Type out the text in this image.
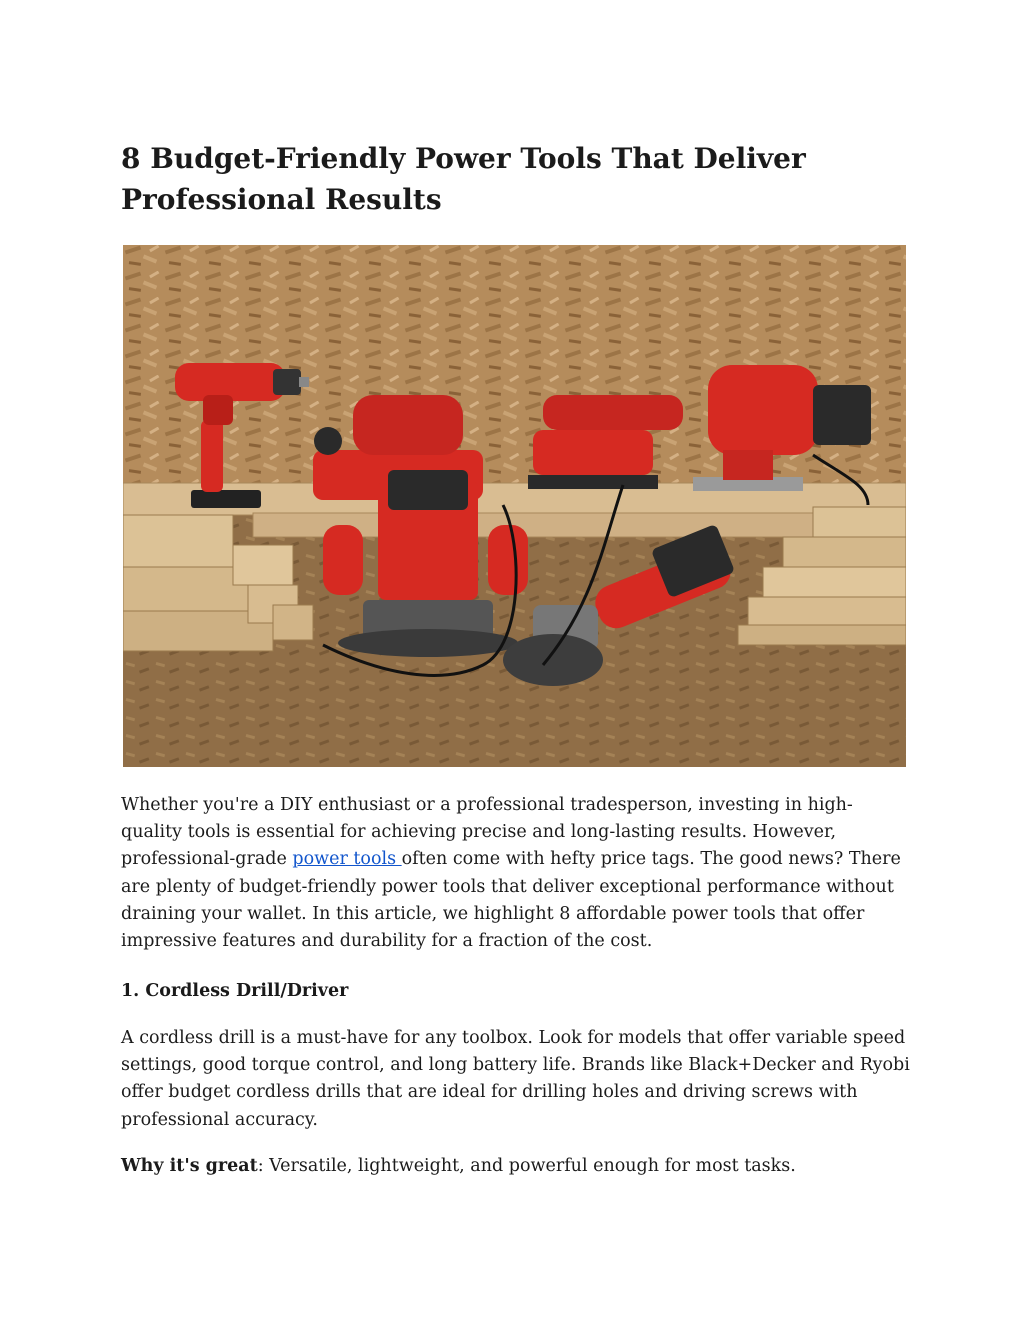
8 Budget-Friendly Power Tools That Deliver Professional Results

Whether you're a DIY enthusiast or a professional tradesperson, investing in high-quality tools is essential for achieving precise and long-lasting results. However, professional-grade power tools often come with hefty price tags. The good news? There are plenty of budget-friendly power tools that deliver exceptional performance without draining your wallet. In this article, we highlight 8 affordable power tools that offer impressive features and durability for a fraction of the cost.

1. Cordless Drill/Driver

A cordless drill is a must-have for any toolbox. Look for models that offer variable speed settings, good torque control, and long battery life. Brands like Black+Decker and Ryobi offer budget cordless drills that are ideal for drilling holes and driving screws with professional accuracy.

Why it's great: Versatile, lightweight, and powerful enough for most tasks.
